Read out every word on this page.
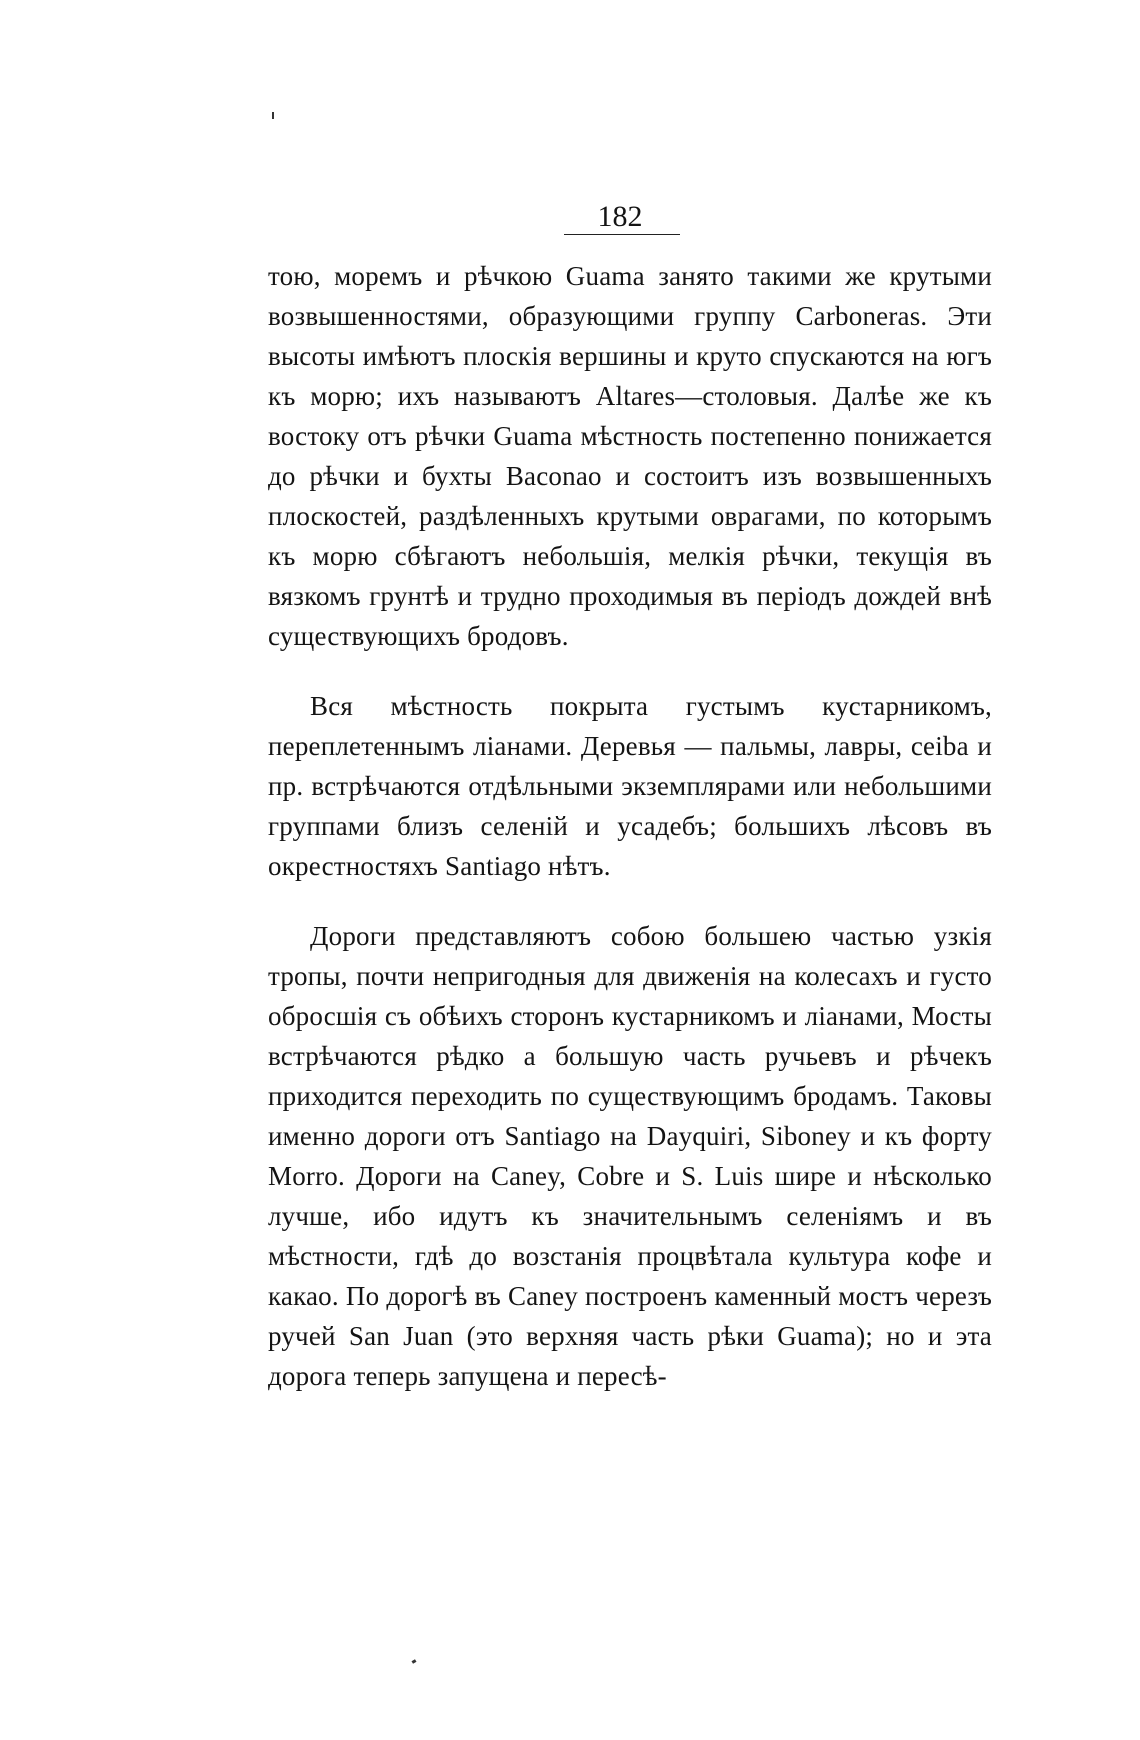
182

тою, моремъ и рѣчкою Guama занято такими же крутыми возвышенностями, образующими группу Carboneras. Эти высоты имѣютъ плоскія вершины и круто спускаются на югъ къ морю; ихъ называютъ Altares—столовыя. Далѣе же къ востоку отъ рѣчки Guama мѣстность постепенно понижается до рѣчки и бухты Baconao и состоитъ изъ возвышенныхъ плоскостей, раздѣленныхъ крутыми оврагами, по которымъ къ морю сбѣгаютъ небольшія, мелкія рѣчки, текущія въ вязкомъ грунтѣ и трудно проходимыя въ періодъ дождей внѣ существующихъ бродовъ.

Вся мѣстность покрыта густымъ кустарникомъ, переплетеннымъ ліанами. Деревья — пальмы, лавры, ceiba и пр. встрѣчаются отдѣльными экземплярами или небольшими группами близъ селеній и усадебъ; большихъ лѣсовъ въ окрестностяхъ Santiago нѣтъ.

Дороги представляютъ собою большею частью узкія тропы, почти непригодныя для движенія на колесахъ и густо обросшія съ обѣихъ сторонъ кустарникомъ и ліанами, Мосты встрѣчаются рѣдко а большую часть ручьевъ и рѣчекъ приходится переходить по существующимъ бродамъ. Таковы именно дороги отъ Santiago на Dayquiri, Siboney и къ форту Morro. Дороги на Caney, Cobre и S. Luis шире и нѣсколько лучше, ибо идутъ къ значительнымъ селеніямъ и въ мѣстности, гдѣ до возстанія процвѣтала культура кофе и какао. По дорогѣ въ Caney построенъ каменный мостъ черезъ ручей San Juan (это верхняя часть рѣки Guama); но и эта дорога теперь запущена и пересѣ-
